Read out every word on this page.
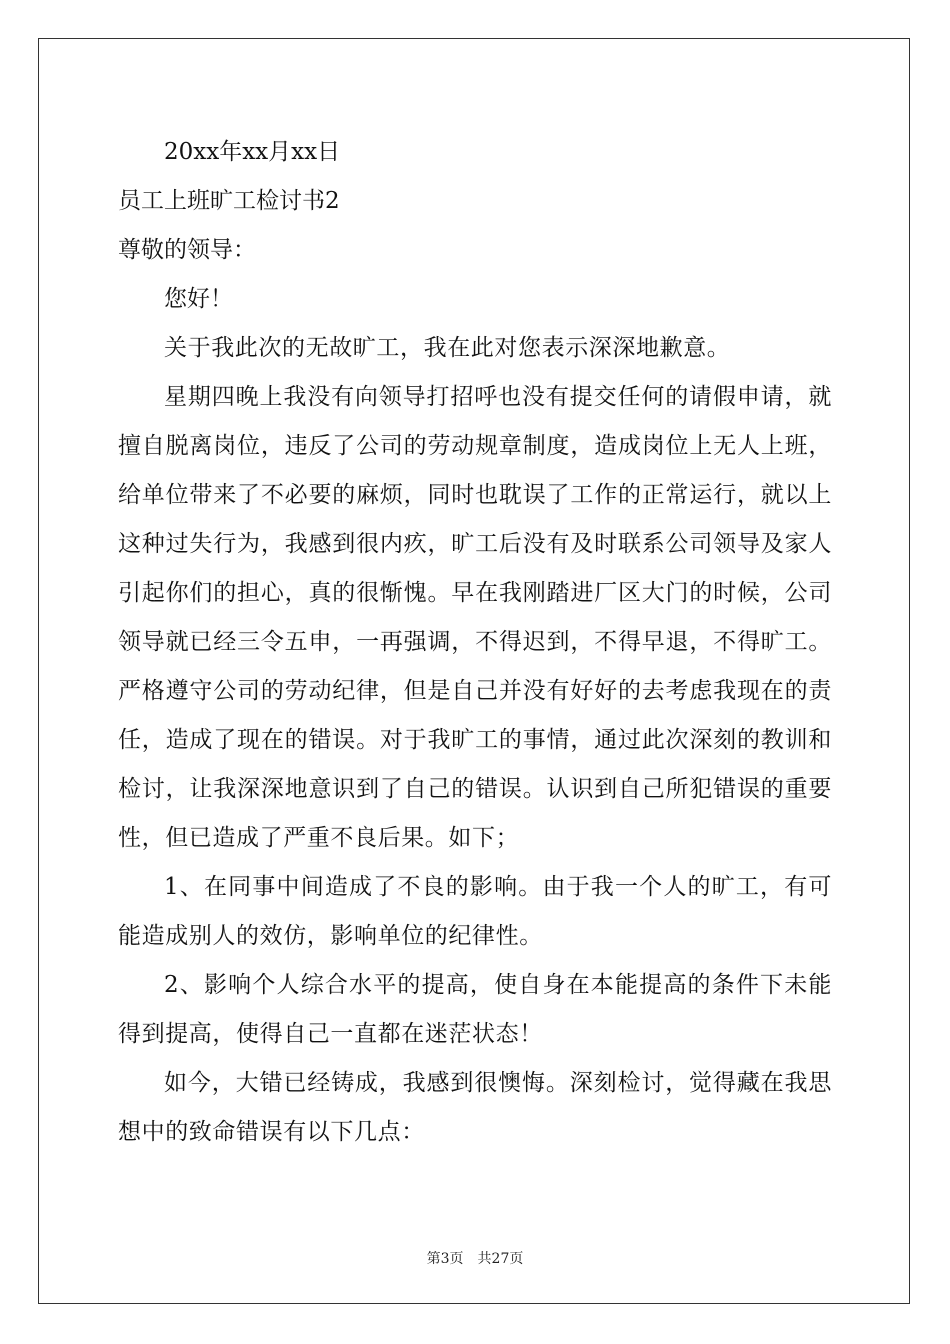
20xx年xx月xx日
员工上班旷工检讨书2
尊敬的领导：
您好！

关于我此次的无故旷工，我在此对您表示深深地歉意。

星期四晚上我没有向领导打招呼也没有提交任何的请假申请，就擅自脱离岗位，违反了公司的劳动规章制度，造成岗位上无人上班，给单位带来了不必要的麻烦，同时也耽误了工作的正常运行，就以上这种过失行为，我感到很内疚，旷工后没有及时联系公司领导及家人引起你们的担心，真的很惭愧。早在我刚踏进厂区大门的时候，公司领导就已经三令五申，一再强调，不得迟到，不得早退，不得旷工。严格遵守公司的劳动纪律，但是自己并没有好好的去考虑我现在的责任，造成了现在的错误。对于我旷工的事情，通过此次深刻的教训和检讨，让我深深地意识到了自己的错误。认识到自己所犯错误的重要性，但已造成了严重不良后果。如下；

1、在同事中间造成了不良的影响。由于我一个人的旷工，有可能造成别人的效仿，影响单位的纪律性。

2、影响个人综合水平的提高，使自身在本能提高的条件下未能得到提高，使得自己一直都在迷茫状态！

如今，大错已经铸成，我感到很懊悔。深刻检讨，觉得藏在我思想中的致命错误有以下几点：

第3页 共27页
